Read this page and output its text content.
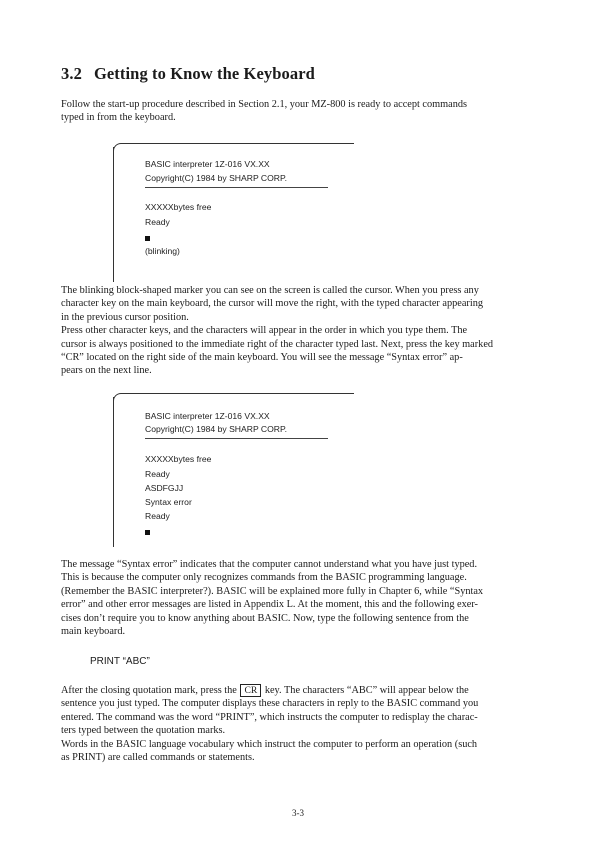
3.2 Getting to Know the Keyboard

Follow the start-up procedure described in Section 2.1, your MZ-800 is ready to accept commands
typed in from the keyboard.

BASIC interpreter 1Z-016 VX.XX
Copyright(C) 1984 by SHARP CORP.
XXXXXbytes free
Ready
(blinking)

The blinking block-shaped marker you can see on the screen is called the cursor. When you press any
character key on the main keyboard, the cursor will move the right, with the typed character appearing
in the previous cursor position.
Press other character keys, and the characters will appear in the order in which you type them. The
cursor is always positioned to the immediate right of the character typed last. Next, press the key marked
“CR” located on the right side of the main keyboard. You will see the message “Syntax error” ap-
pears on the next line.

BASIC interpreter 1Z-016 VX.XX
Copyright(C) 1984 by SHARP CORP.
XXXXXbytes free
Ready
ASDFGJJ
Syntax error
Ready

The message “Syntax error” indicates that the computer cannot understand what you have just typed.
This is because the computer only recognizes commands from the BASIC programming language.
(Remember the BASIC interpreter?). BASIC will be explained more fully in Chapter 6, while “Syntax
error” and other error messages are listed in Appendix L. At the moment, this and the following exer-
cises don’t require you to know anything about BASIC. Now, type the following sentence from the
main keyboard.

PRINT “ABC”

After the closing quotation mark, press the CR key. The characters “ABC” will appear below the
sentence you just typed. The computer displays these characters in reply to the BASIC command you
entered. The command was the word “PRINT”, which instructs the computer to redisplay the charac-
ters typed between the quotation marks.
Words in the BASIC language vocabulary which instruct the computer to perform an operation (such
as PRINT) are called commands or statements.

3-3
